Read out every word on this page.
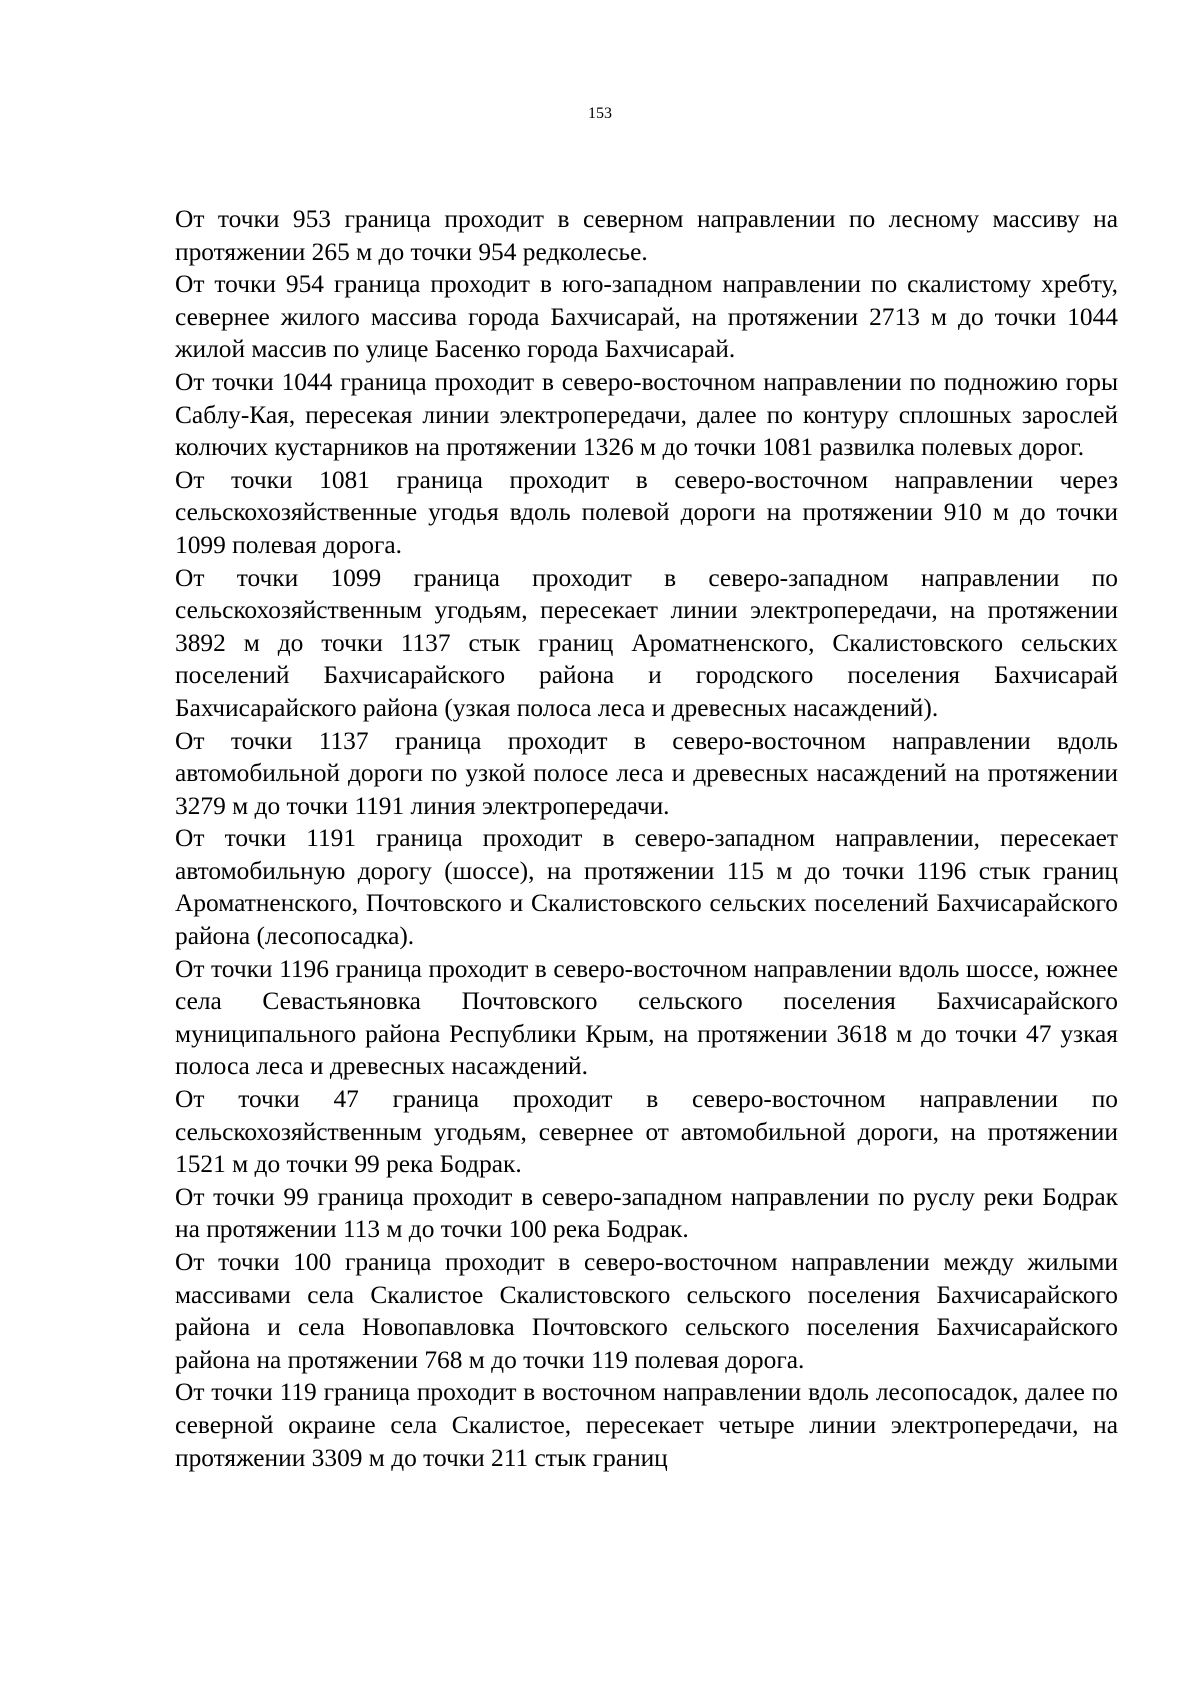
153

От точки 953 граница проходит в северном направлении по лесному массиву на протяжении 265 м до точки 954 редколесье.

От точки 954 граница проходит в юго-западном направлении по скалистому хребту, севернее жилого массива города Бахчисарай, на протяжении 2713 м до точки 1044 жилой массив по улице Басенко города Бахчисарай.

От точки 1044 граница проходит в северо-восточном направлении по подножию горы Саблу-Кая, пересекая линии электропередачи, далее по контуру сплошных зарослей колючих кустарников на протяжении 1326 м до точки 1081 развилка полевых дорог.

От точки 1081 граница проходит в северо-восточном направлении через сельскохозяйственные угодья вдоль полевой дороги на протяжении 910 м до точки 1099 полевая дорога.

От точки 1099 граница проходит в северо-западном направлении по сельскохозяйственным угодьям, пересекает линии электропередачи, на протяжении 3892 м до точки 1137 стык границ Ароматненского, Скалистовского сельских поселений Бахчисарайского района и городского поселения Бахчисарай Бахчисарайского района (узкая полоса леса и древесных насаждений).

От точки 1137 граница проходит в северо-восточном направлении вдоль автомобильной дороги по узкой полосе леса и древесных насаждений на протяжении 3279 м до точки 1191 линия электропередачи.

От точки 1191 граница проходит в северо-западном направлении, пересекает автомобильную дорогу (шоссе), на протяжении 115 м до точки 1196 стык границ Ароматненского, Почтовского и Скалистовского сельских поселений Бахчисарайского района (лесопосадка).

От точки 1196 граница проходит в северо-восточном направлении вдоль шоссе, южнее села Севастьяновка Почтовского сельского поселения Бахчисарайского муниципального района Республики Крым, на протяжении 3618 м до точки 47 узкая полоса леса и древесных насаждений.

От точки 47 граница проходит в северо-восточном направлении по сельскохозяйственным угодьям, севернее от автомобильной дороги, на протяжении 1521 м до точки 99 река Бодрак.

От точки 99 граница проходит в северо-западном направлении по руслу реки Бодрак на протяжении 113 м до точки 100 река Бодрак.

От точки 100 граница проходит в северо-восточном направлении между жилыми массивами села Скалистое Скалистовского сельского поселения Бахчисарайского района и села Новопавловка Почтовского сельского поселения Бахчисарайского района на протяжении 768 м до точки 119 полевая дорога.

От точки 119 граница проходит в восточном направлении вдоль лесопосадок, далее по северной окраине села Скалистое, пересекает четыре линии электропередачи, на протяжении 3309 м до точки 211 стык границ
